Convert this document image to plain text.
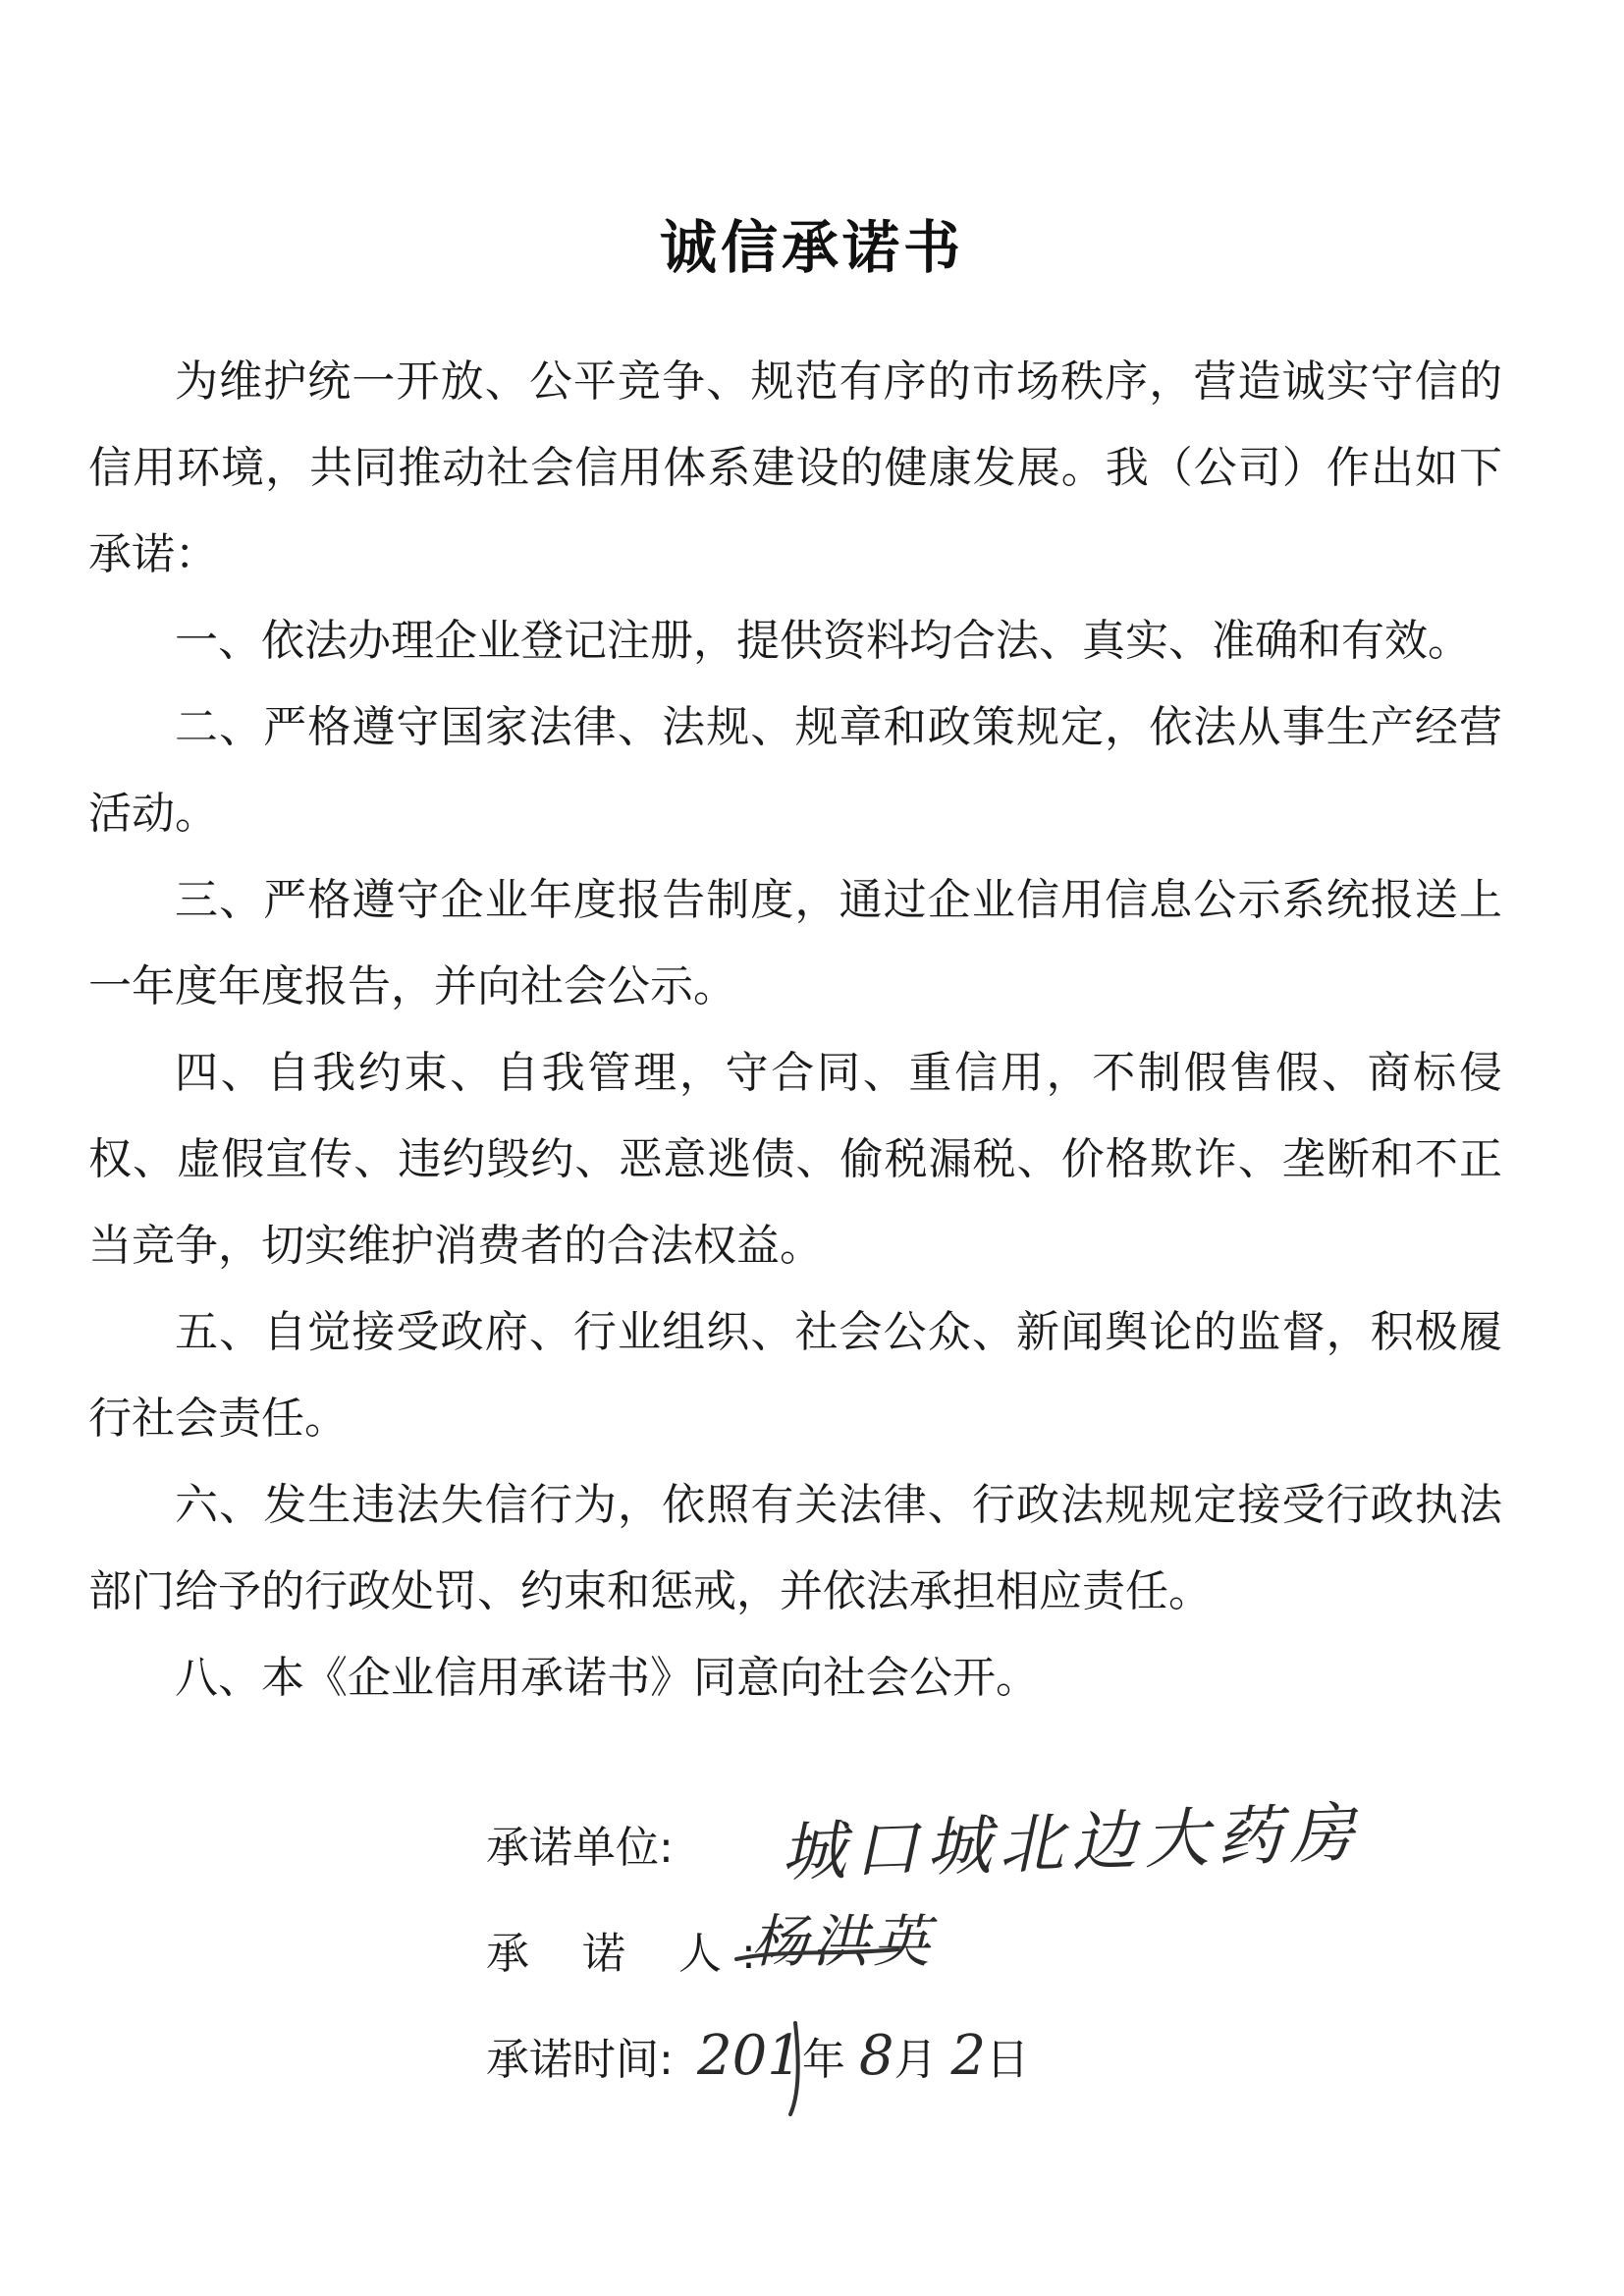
诚信承诺书

为维护统一开放、公平竞争、规范有序的市场秩序，营造诚实守信的信用环境，共同推动社会信用体系建设的健康发展。我（公司）作出如下承诺：

一、依法办理企业登记注册，提供资料均合法、真实、准确和有效。

二、严格遵守国家法律、法规、规章和政策规定，依法从事生产经营活动。

三、严格遵守企业年度报告制度，通过企业信用信息公示系统报送上一年度年度报告，并向社会公示。

四、自我约束、自我管理，守合同、重信用，不制假售假、商标侵权、虚假宣传、违约毁约、恶意逃债、偷税漏税、价格欺诈、垄断和不正当竞争，切实维护消费者的合法权益。

五、自觉接受政府、行业组织、社会公众、新闻舆论的监督，积极履行社会责任。

六、发生违法失信行为，依照有关法律、行政法规规定接受行政执法部门给予的行政处罚、约束和惩戒，并依法承担相应责任。

八、本《企业信用承诺书》同意向社会公开。

承诺单位: 城口城北边大药房
承 诺 人:
杨洪英
承诺时间: 201年 8月 2日
